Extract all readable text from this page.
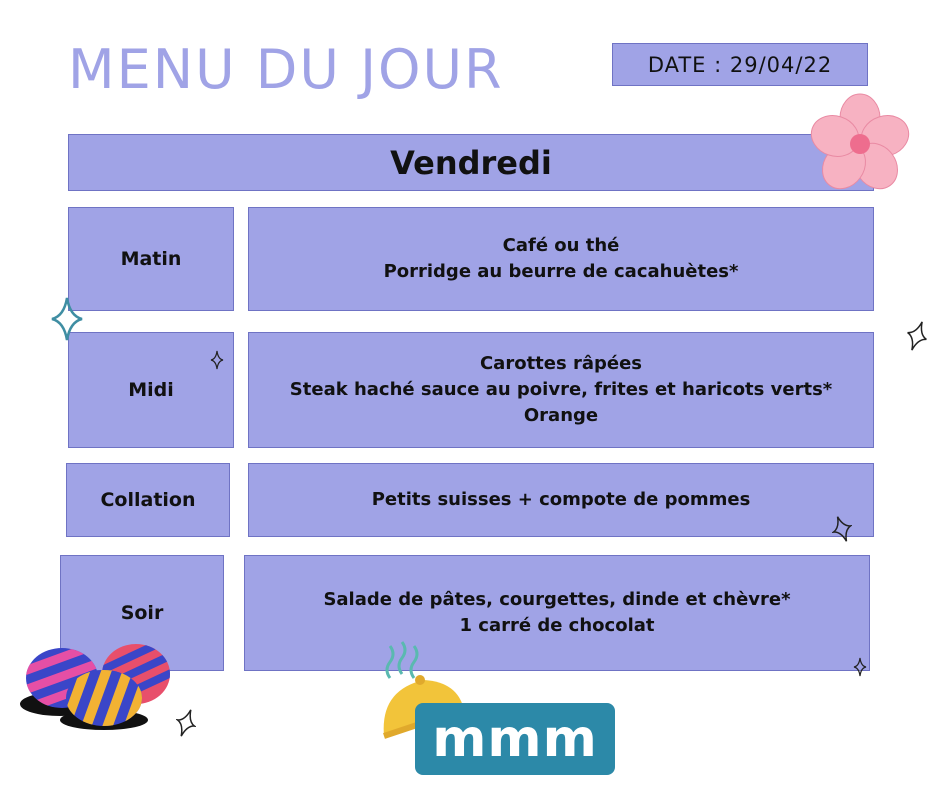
MENU DU JOUR	DATE : 29/04/22
Vendredi
Matin
Café ou thé
Porridge au beurre de cacahuètes*
Midi
Carottes râpées
Steak haché sauce au poivre, frites et haricots verts*
Orange
Collation	Petits suisses + compote de pommes
Soir
Salade de pâtes, courgettes, dinde et chèvre*
1 carré de chocolat
mmm
